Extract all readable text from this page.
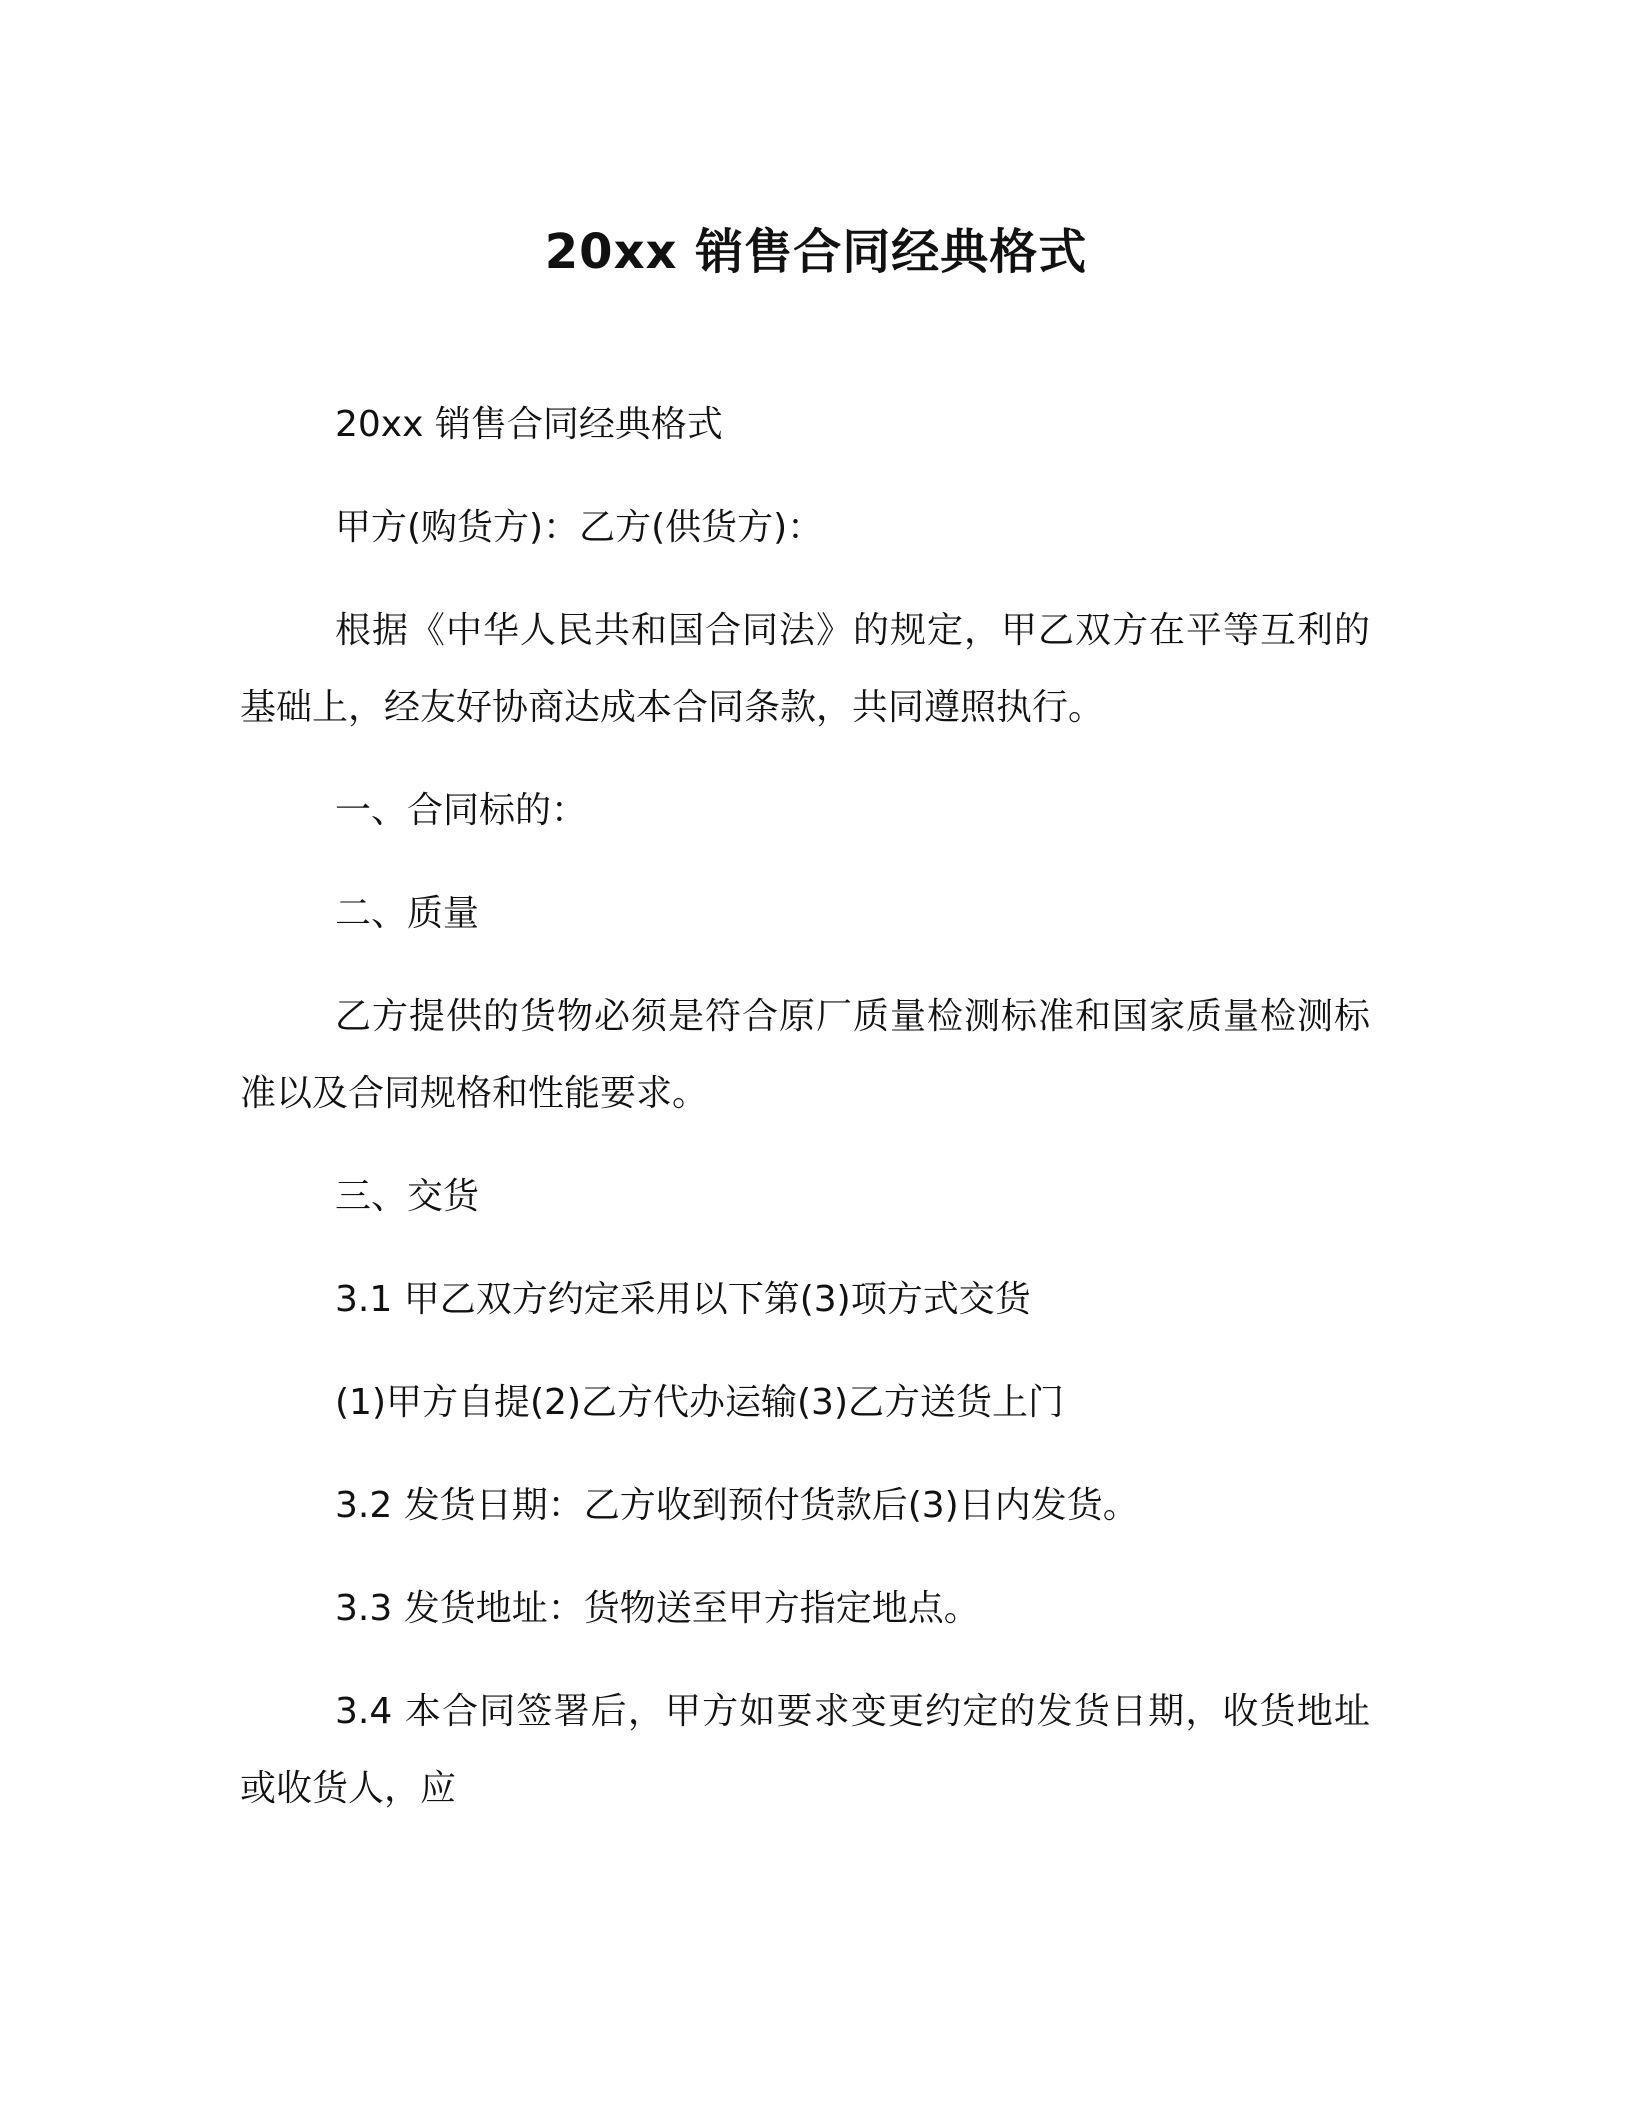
20xx 销售合同经典格式

20xx 销售合同经典格式

甲方(购货方)：乙方(供货方)：

根据《中华人民共和国合同法》的规定，甲乙双方在平等互利的基础上，经友好协商达成本合同条款，共同遵照执行。

一、合同标的：

二、质量

乙方提供的货物必须是符合原厂质量检测标准和国家质量检测标准以及合同规格和性能要求。

三、交货

3.1 甲乙双方约定采用以下第(3)项方式交货

(1)甲方自提(2)乙方代办运输(3)乙方送货上门

3.2 发货日期：乙方收到预付货款后(3)日内发货。

3.3 发货地址：货物送至甲方指定地点。

3.4 本合同签署后，甲方如要求变更约定的发货日期，收货地址或收货人，应
